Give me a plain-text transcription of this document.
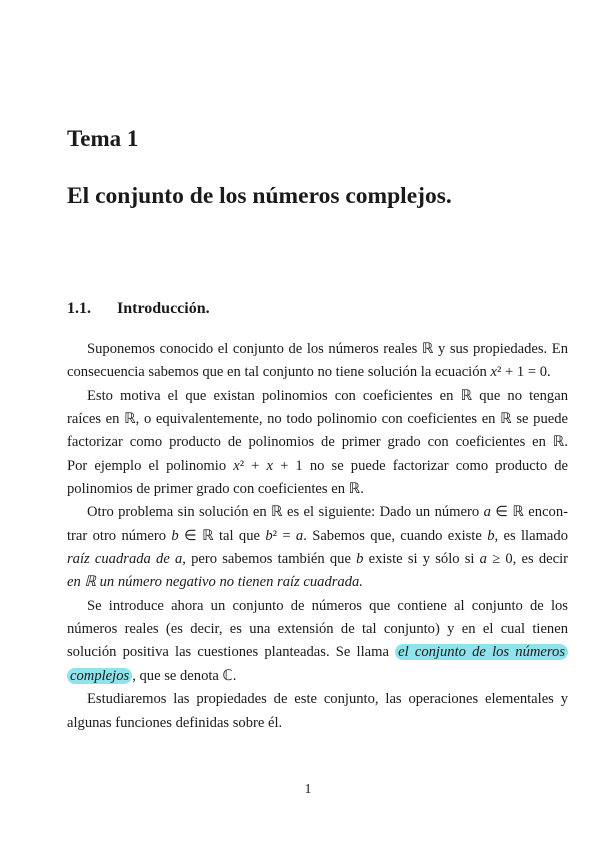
Tema 1
El conjunto de los números complejos.
1.1. Introducción.
Suponemos conocido el conjunto de los números reales ℝ y sus propiedades. En
consecuencia sabemos que en tal conjunto no tiene solución la ecuación x² + 1 = 0.
Esto motiva el que existan polinomios con coeficientes en ℝ que no tengan
raíces en ℝ, o equivalentemente, no todo polinomio con coeficientes en ℝ se puede
factorizar como producto de polinomios de primer grado con coeficientes en ℝ.
Por ejemplo el polinomio x² + x + 1 no se puede factorizar como producto de
polinomios de primer grado con coeficientes en ℝ.
Otro problema sin solución en ℝ es el siguiente: Dado un número a ∈ ℝ encon-
trar otro número b ∈ ℝ tal que b² = a. Sabemos que, cuando existe b, es llamado
raíz cuadrada de a, pero sabemos también que b existe si y sólo si a ≥ 0, es decir
en ℝ un número negativo no tienen raíz cuadrada.
Se introduce ahora un conjunto de números que contiene al conjunto de los
números reales (es decir, es una extensión de tal conjunto) y en el cual tienen
solución positiva las cuestiones planteadas. Se llama el conjunto de los números
complejos , que se denota ℂ.
Estudiaremos las propiedades de este conjunto, las operaciones elementales y
algunas funciones definidas sobre él.
1
